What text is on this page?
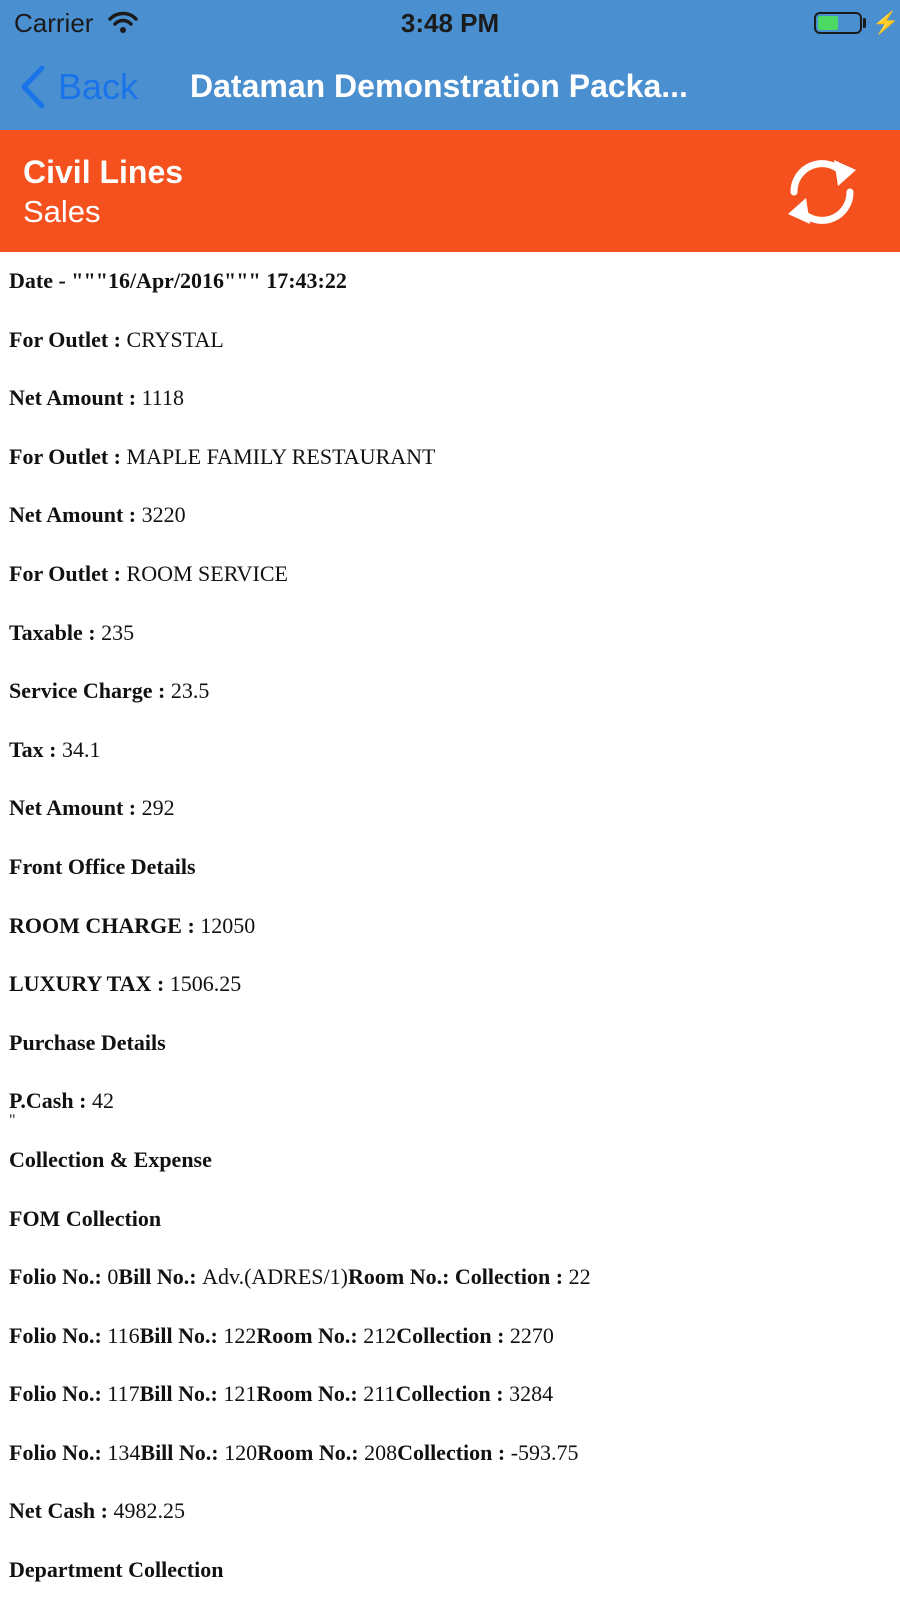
Carrier	3:48 PM	⚡
Back Dataman Demonstration Packa...
Civil Lines
Sales
Date - """16/Apr/2016""" 17:43:22
For Outlet : CRYSTAL
Net Amount : 1118
For Outlet : MAPLE FAMILY RESTAURANT
Net Amount : 3220
For Outlet : ROOM SERVICE
Taxable : 235
Service Charge : 23.5
Tax : 34.1
Net Amount : 292
Front Office Details
ROOM CHARGE : 12050
LUXURY TAX : 1506.25
Purchase Details
P.Cash : 42
Collection & Expense
FOM Collection
Folio No.: 0Bill No.: Adv.(ADRES/1)Room No.: Collection : 22
Folio No.: 116Bill No.: 122Room No.: 212Collection : 2270
Folio No.: 117Bill No.: 121Room No.: 211Collection : 3284
Folio No.: 134Bill No.: 120Room No.: 208Collection : -593.75
Net Cash : 4982.25
Department Collection
"
